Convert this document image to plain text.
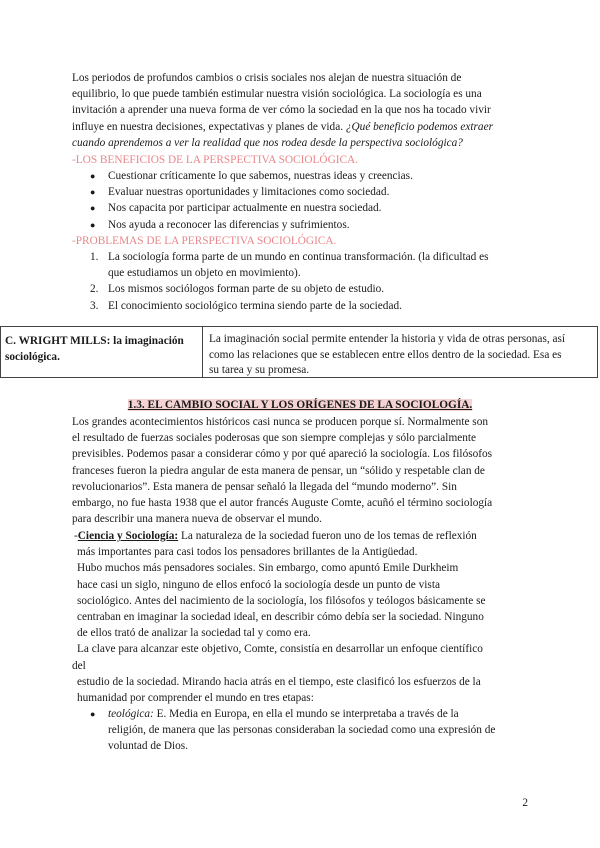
Los periodos de profundos cambios o crisis sociales nos alejan de nuestra situación de
equilibrio, lo que puede también estimular nuestra visión sociológica. La sociología es una
invitación a aprender una nueva forma de ver cómo la sociedad en la que nos ha tocado vivir
influye en nuestra decisiones, expectativas y planes de vida. ¿Qué beneficio podemos extraer
cuando aprendemos a ver la realidad que nos rodea desde la perspectiva sociológica?
-LOS BENEFICIOS DE LA PERSPECTIVA SOCIOLÓGICA.
● Cuestionar críticamente lo que sabemos, nuestras ideas y creencias.
● Evaluar nuestras oportunidades y limitaciones como sociedad.
● Nos capacita por participar actualmente en nuestra sociedad.
● Nos ayuda a reconocer las diferencias y sufrimientos.
-PROBLEMAS DE LA PERSPECTIVA SOCIOLÓGICA.
1. La sociología forma parte de un mundo en continua transformación. (la dificultad es
que estudiamos un objeto en movimiento).
2. Los mismos sociólogos forman parte de su objeto de estudio.
3. El conocimiento sociológico termina siendo parte de la sociedad.
C. WRIGHT MILLS: la imaginación
sociológica.
La imaginación social permite entender la historia y vida de otras personas, así
como las relaciones que se establecen entre ellos dentro de la sociedad. Esa es
su tarea y su promesa.
1.3. EL CAMBIO SOCIAL Y LOS ORÍGENES DE LA SOCIOLOGÍA.
Los grandes acontecimientos históricos casi nunca se producen porque sí. Normalmente son
el resultado de fuerzas sociales poderosas que son siempre complejas y sólo parcialmente
previsibles. Podemos pasar a considerar cómo y por qué apareció la sociología. Los filósofos
franceses fueron la piedra angular de esta manera de pensar, un “sólido y respetable clan de
revolucionarios”. Esta manera de pensar señaló la llegada del “mundo moderno”. Sin
embargo, no fue hasta 1938 que el autor francés Auguste Comte, acuñó el término sociología
para describir una manera nueva de observar el mundo.
-Ciencia y Sociología: La naturaleza de la sociedad fueron uno de los temas de reflexión
más importantes para casi todos los pensadores brillantes de la Antigüedad.
Hubo muchos más pensadores sociales. Sin embargo, como apuntó Emile Durkheim
hace casi un siglo, ninguno de ellos enfocó la sociología desde un punto de vista
sociológico. Antes del nacimiento de la sociología, los filósofos y teólogos básicamente se
centraban en imaginar la sociedad ideal, en describir cómo debía ser la sociedad. Ninguno
de ellos trató de analizar la sociedad tal y como era.
La clave para alcanzar este objetivo, Comte, consistía en desarrollar un enfoque científico
del
estudio de la sociedad. Mirando hacia atrás en el tiempo, este clasificó los esfuerzos de la
humanidad por comprender el mundo en tres etapas:
● teológica: E. Media en Europa, en ella el mundo se interpretaba a través de la
religión, de manera que las personas consideraban la sociedad como una expresión de
voluntad de Dios.
2
